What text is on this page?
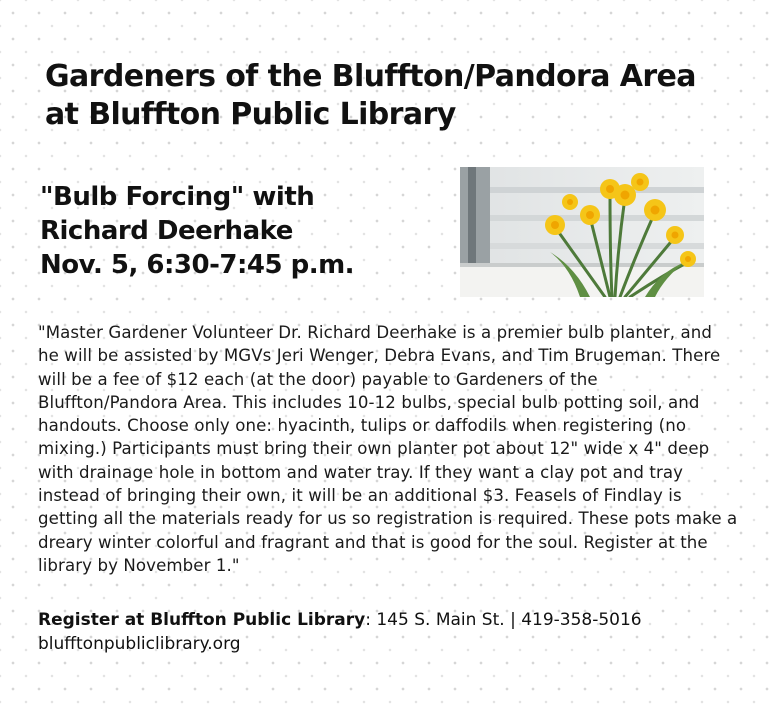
Gardeners of the Bluffton/Pandora Area
at Bluffton Public Library
"Bulb Forcing" with
Richard Deerhake
Nov. 5, 6:30-7:45 p.m.

"Master Gardener Volunteer Dr. Richard Deerhake is a premier bulb planter, and he will be assisted by MGVs Jeri Wenger, Debra Evans, and Tim Brugeman. There will be a fee of $12 each (at the door) payable to Gardeners of the Bluffton/Pandora Area. This includes 10-12 bulbs, special bulb potting soil, and handouts. Choose only one: hyacinth, tulips or daffodils when registering (no mixing.) Participants must bring their own planter pot about 12" wide x 4" deep with drainage hole in bottom and water tray. If they want a clay pot and tray instead of bringing their own, it will be an additional $3. Feasels of Findlay is getting all the materials ready for us so registration is required. These pots make a dreary winter colorful and fragrant and that is good for the soul. Register at the library by November 1."

Register at Bluffton Public Library: 145 S. Main St. | 419-358-5016
blufftonpubliclibrary.org
